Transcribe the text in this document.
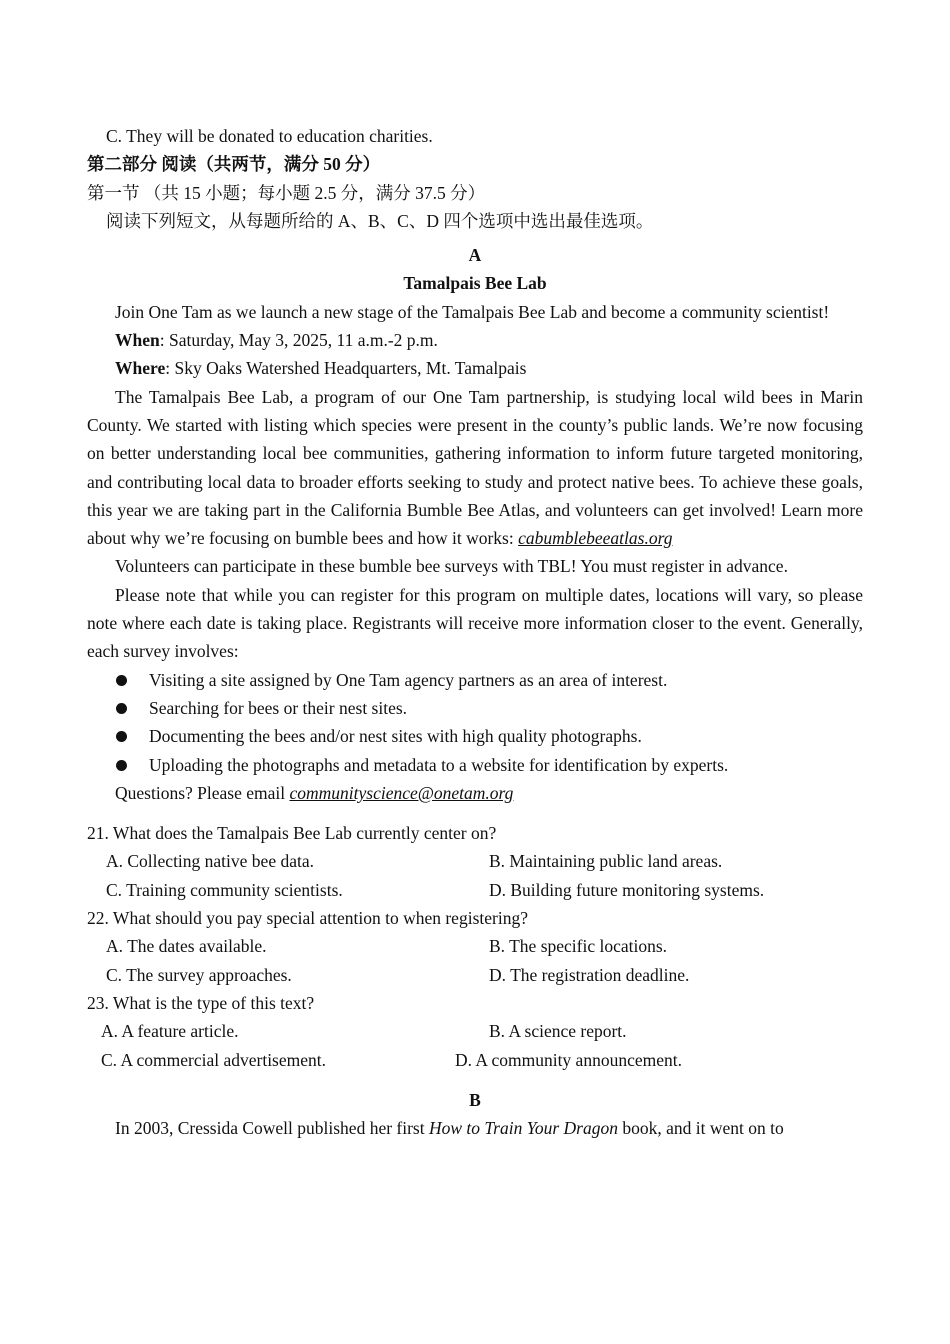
C. They will be donated to education charities.
第二部分 阅读（共两节，满分 50 分）
第一节 （共 15 小题；每小题 2.5 分，满分 37.5 分）
阅读下列短文，从每题所给的 A、B、C、D 四个选项中选出最佳选项。
A
Tamalpais Bee Lab

Join One Tam as we launch a new stage of the Tamalpais Bee Lab and become a community scientist!

When: Saturday, May 3, 2025, 11 a.m.-2 p.m.

Where: Sky Oaks Watershed Headquarters, Mt. Tamalpais

The Tamalpais Bee Lab, a program of our One Tam partnership, is studying local wild bees in Marin County. We started with listing which species were present in the county’s public lands. We’re now focusing on better understanding local bee communities, gathering information to inform future targeted monitoring, and contributing local data to broader efforts seeking to study and protect native bees. To achieve these goals, this year we are taking part in the California Bumble Bee Atlas, and volunteers can get involved! Learn more about why we’re focusing on bumble bees and how it works: cabumblebeeatlas.org

Volunteers can participate in these bumble bee surveys with TBL! You must register in advance.

Please note that while you can register for this program on multiple dates, locations will vary, so please note where each date is taking place. Registrants will receive more information closer to the event. Generally, each survey involves:

Visiting a site assigned by One Tam agency partners as an area of interest.
Searching for bees or their nest sites.
Documenting the bees and/or nest sites with high quality photographs.
Uploading the photographs and metadata to a website for identification by experts.
Questions? Please email communityscience@onetam.org
21. What does the Tamalpais Bee Lab currently center on?
A. Collecting native bee data.	B. Maintaining public land areas.
C. Training community scientists.	D. Building future monitoring systems.
22. What should you pay special attention to when registering?
A. The dates available.	B. The specific locations.
C. The survey approaches.	D. The registration deadline.
23. What is the type of this text?
A. A feature article.	B. A science report.
C. A commercial advertisement.	D. A community announcement.
B

In 2003, Cressida Cowell published her first How to Train Your Dragon book, and it went on to
